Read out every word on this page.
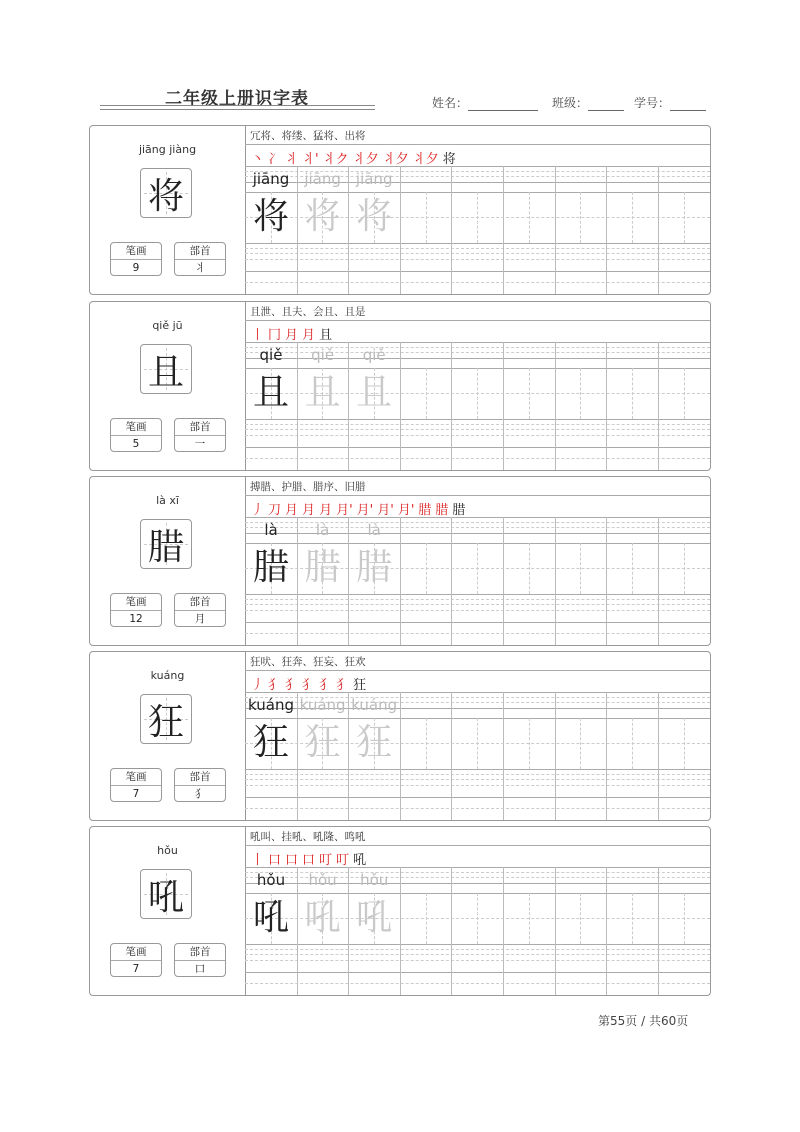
二年级上册识字表	姓名：	班级：	学号：
jiāng jiàng
将
笔画
9
部首
丬
冗将、将缕、猛将、出将
丶 冫 丬 丬' 丬ク 丬夕 丬夕 丬夕 将
jiāng
将
jiāng
将
jiāng
将
qiě jū
且
笔画
5
部首
一
且泄、且夫、会且、且是
丨 冂 月 月 且
qiě
且
qiě
且
qiě
且
là xī
腊
笔画
12
部首
月
搏腊、护腊、腊序、旧腊
丿 刀 月 月 月 月' 月' 月' 月' 腊 腊 腊
là
腊
là
腊
là
腊
kuáng
狂
笔画
7
部首
犭
狂吠、狂奔、狂妄、狂欢
丿 犭 犭 犭 犭 犭 狂
kuáng
狂
kuáng
狂
kuáng
狂
hǒu
吼
笔画
7
部首
口
吼叫、挂吼、吼隆、鸣吼
丨 口 口 口 叮 叮 吼
hǒu
吼
hǒu
吼
hǒu
吼
第55页 / 共60页
